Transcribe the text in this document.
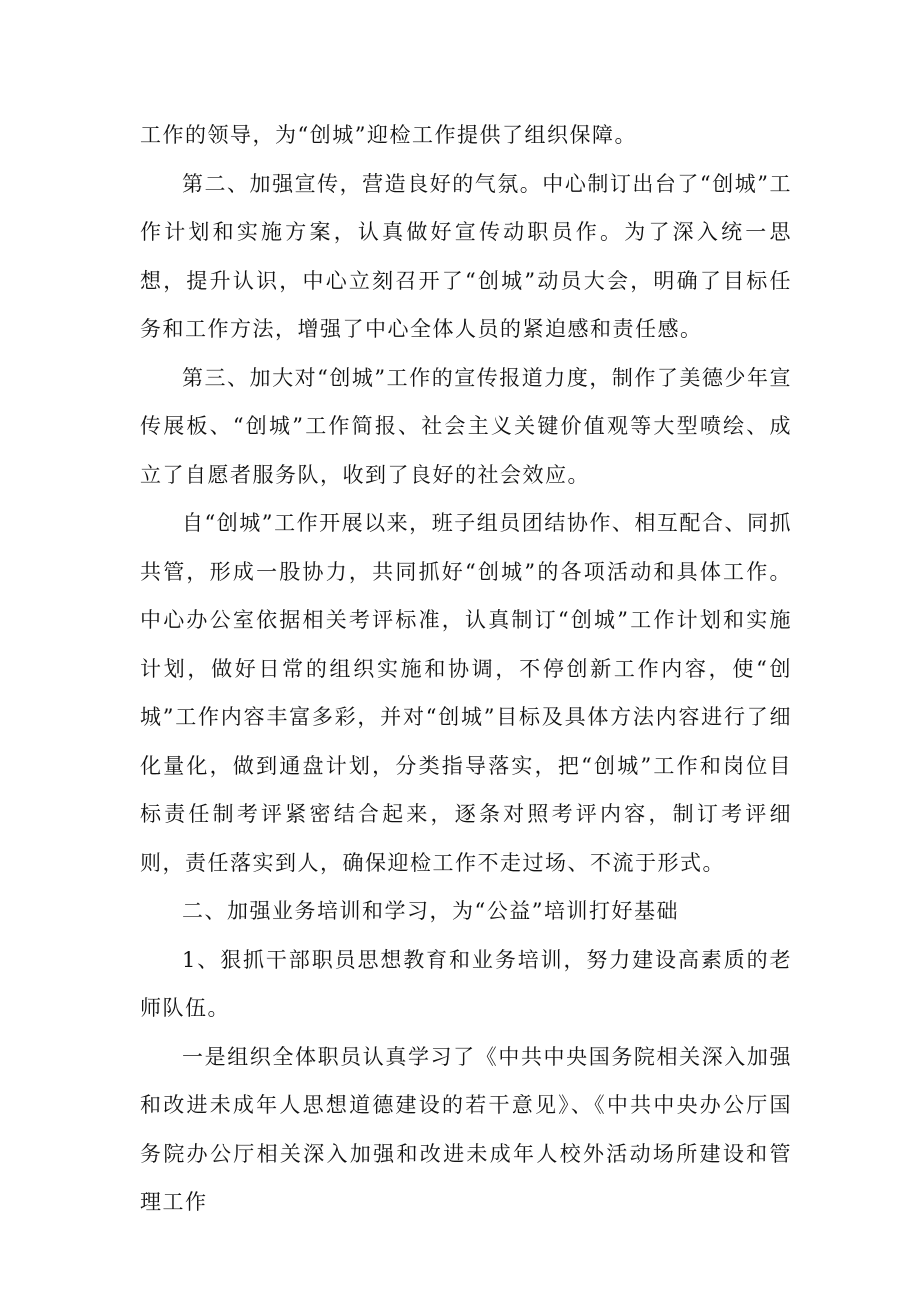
工作的领导，为“创城”迎检工作提供了组织保障。

第二、加强宣传，营造良好的气氛。中心制订出台了“创城”工作计划和实施方案，认真做好宣传动职员作。为了深入统一思想，提升认识，中心立刻召开了“创城”动员大会，明确了目标任务和工作方法，增强了中心全体人员的紧迫感和责任感。

第三、加大对“创城”工作的宣传报道力度，制作了美德少年宣传展板、“创城”工作简报、社会主义关键价值观等大型喷绘、成立了自愿者服务队，收到了良好的社会效应。

自“创城”工作开展以来，班子组员团结协作、相互配合、同抓共管，形成一股协力，共同抓好“创城”的各项活动和具体工作。中心办公室依据相关考评标准，认真制订“创城”工作计划和实施计划，做好日常的组织实施和协调，不停创新工作内容，使“创城”工作内容丰富多彩，并对“创城”目标及具体方法内容进行了细化量化，做到通盘计划，分类指导落实，把“创城”工作和岗位目标责任制考评紧密结合起来，逐条对照考评内容，制订考评细则，责任落实到人，确保迎检工作不走过场、不流于形式。

二、加强业务培训和学习，为“公益”培训打好基础

1、狠抓干部职员思想教育和业务培训，努力建设高素质的老师队伍。

一是组织全体职员认真学习了《中共中央国务院相关深入加强和改进未成年人思想道德建设的若干意见》、《中共中央办公厅国务院办公厅相关深入加强和改进未成年人校外活动场所建设和管理工作
